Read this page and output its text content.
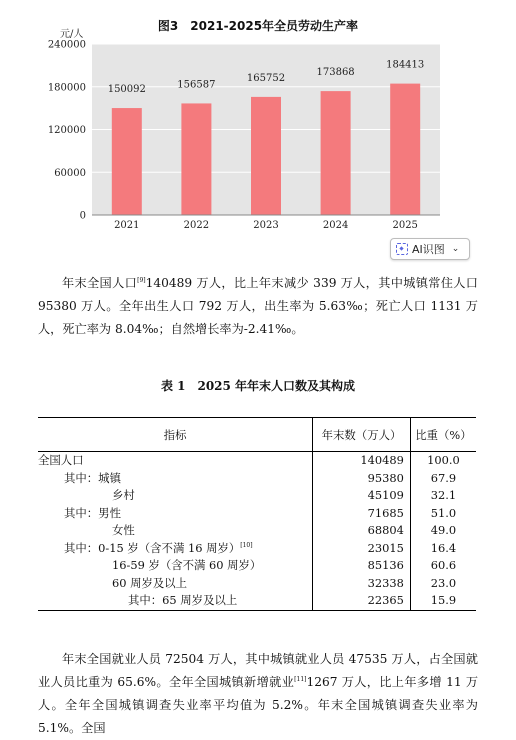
图3　2021-2025年全员劳动生产率
元/人
0
60000
120000
180000
240000
150092
2021
156587
2022
165752
2023
173868
2024
184413
2025
AI识图 ⌄

年末全国人口[9]140489 万人，比上年末减少 339 万人，其中城镇常住人口 95380 万人。全年出生人口 792 万人，出生率为 5.63‰；死亡人口 1131 万人，死亡率为 8.04‰；自然增长率为-2.41‰。

表 1　2025 年年末人口数及其构成
指标	年末数（万人）	比重（%）
全国人口	140489	100.0
其中：城镇	95380	67.9
乡村	45109	32.1
其中：男性	71685	51.0
女性	68804	49.0
其中：0-15 岁（含不满 16 周岁）[10]	23015	16.4
16-59 岁（含不满 60 周岁）	85136	60.6
60 周岁及以上	32338	23.0
其中：65 周岁及以上	22365	15.9

年末全国就业人员 72504 万人，其中城镇就业人员 47535 万人，占全国就业人员比重为 65.6%。全年全国城镇新增就业[11]1267 万人，比上年多增 11 万人。全年全国城镇调查失业率平均值为 5.2%。年末全国城镇调查失业率为 5.1%。全国
